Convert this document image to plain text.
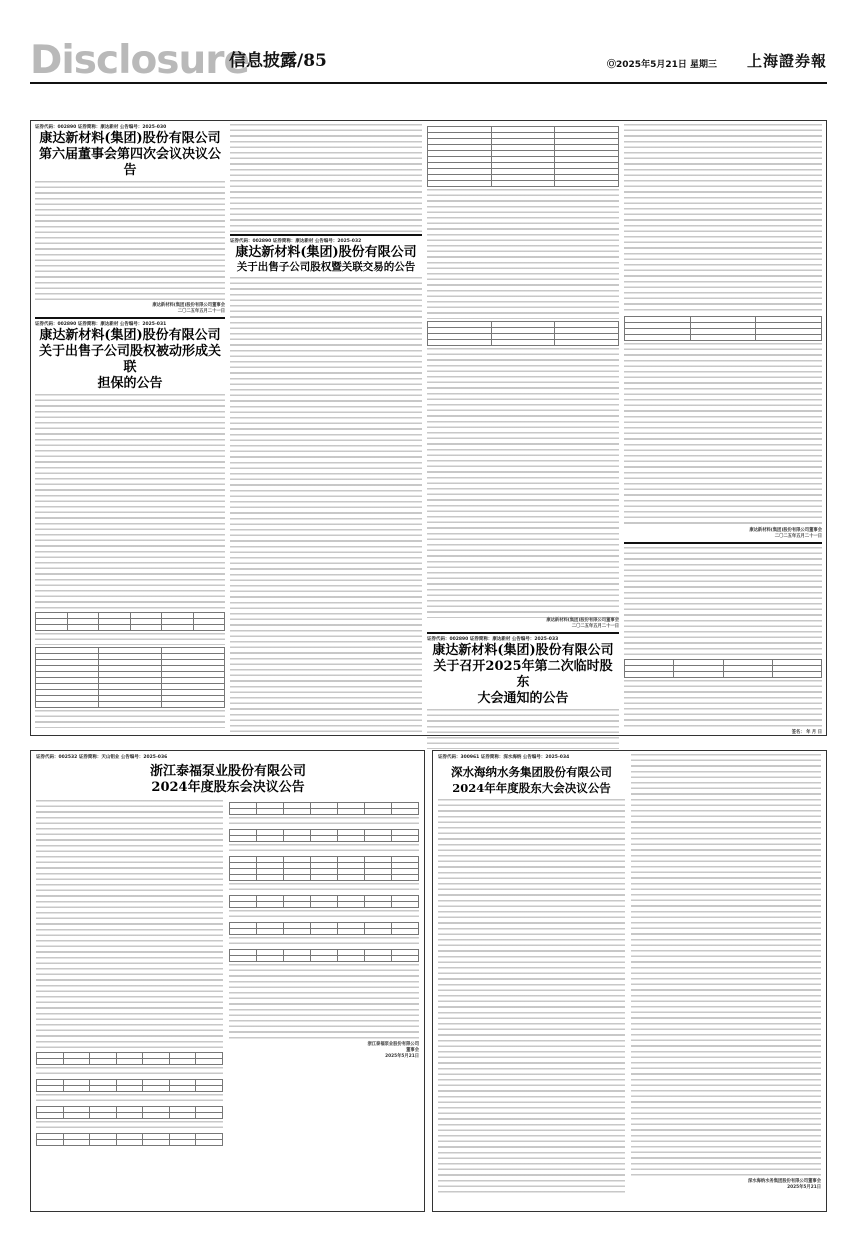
Disclosure
信息披露/85	Ⓞ2025年5月21日 星期三 上海證券報
证券代码：002890 证券简称：康达新材 公告编号：2025-030
康达新材料(集团)股份有限公司
第六届董事会第四次会议决议公告
康达新材料(集团)股份有限公司董事会
二〇二五年五月二十一日
证券代码：002890 证券简称：康达新材 公告编号：2025-031
康达新材料(集团)股份有限公司
关于出售子公司股权被动形成关联
担保的公告

证券代码：002890 证券简称：康达新材 公告编号：2025-032
康达新材料(集团)股份有限公司
关于出售子公司股权暨关联交易的公告

康达新材料(集团)股份有限公司董事会
二〇二五年五月二十一日
证券代码：002890 证券简称：康达新材 公告编号：2025-033
康达新材料(集团)股份有限公司
关于召开2025年第二次临时股东
大会通知的公告

康达新材料(集团)股份有限公司董事会
二〇二五年五月二十一日

签名： 年 月 日
证券代码：002532 证券简称：天山铝业 公告编号：2025-036
浙江泰福泵业股份有限公司
2024年度股东会决议公告

浙江泰福泵业股份有限公司
董事会
2025年5月21日
证券代码：300961 证券简称：深水海纳 公告编号：2025-034
深水海纳水务集团股份有限公司
2024年年度股东大会决议公告
深水海纳水务集团股份有限公司董事会
2025年5月21日
